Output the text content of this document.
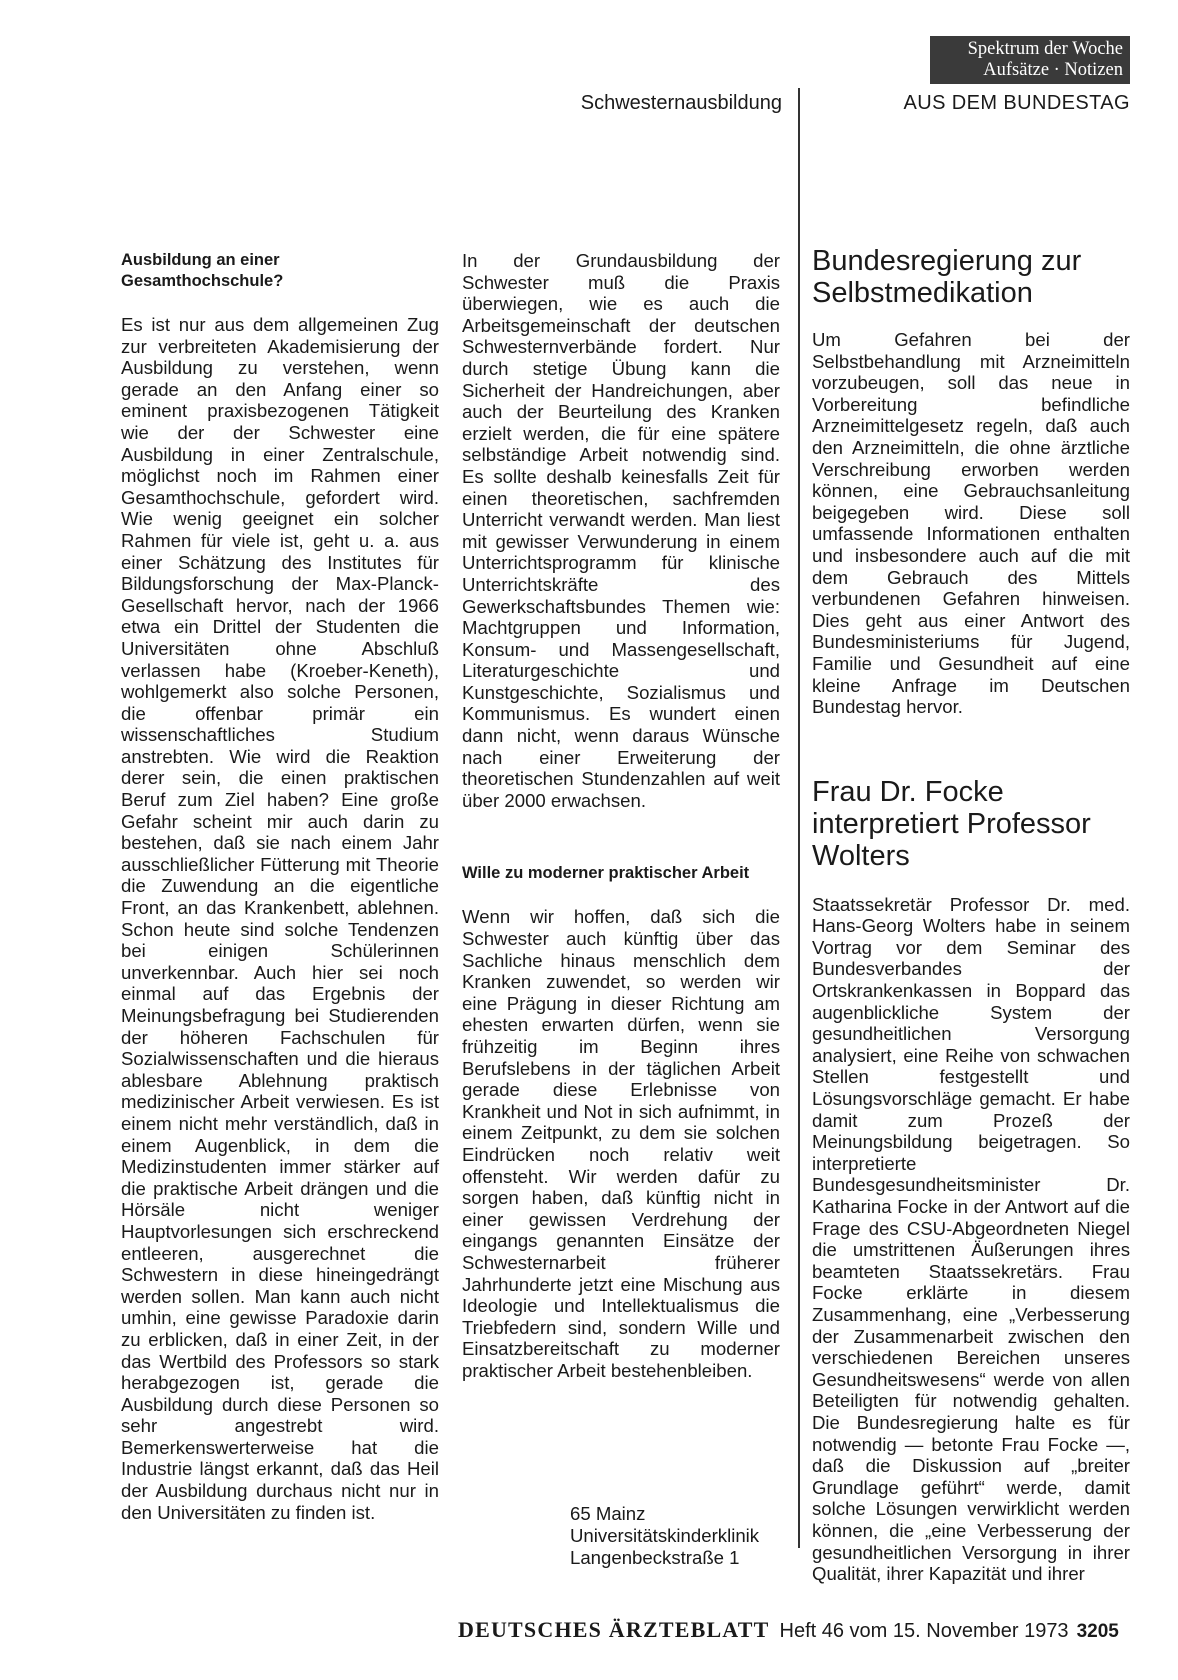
Spektrum der Woche
Aufsätze · Notizen
Schwesternausbildung	AUS DEM BUNDESTAG

Ausbildung an einer Gesamthochschule?

Es ist nur aus dem allgemeinen Zug zur verbreiteten Akademisierung der Ausbildung zu verstehen, wenn gerade an den Anfang einer so eminent praxisbezogenen Tätigkeit wie der der Schwester eine Ausbildung in einer Zentralschule, möglichst noch im Rahmen einer Gesamthochschule, gefordert wird. Wie wenig geeignet ein solcher Rahmen für viele ist, geht u. a. aus einer Schätzung des Institutes für Bildungsforschung der Max-Planck-Gesellschaft hervor, nach der 1966 etwa ein Drittel der Studenten die Universitäten ohne Abschluß verlassen habe (Kroeber-Keneth), wohlgemerkt also solche Personen, die offenbar primär ein wissenschaftliches Studium anstrebten. Wie wird die Reaktion derer sein, die einen praktischen Beruf zum Ziel haben? Eine große Gefahr scheint mir auch darin zu bestehen, daß sie nach einem Jahr ausschließlicher Fütterung mit Theorie die Zuwendung an die eigentliche Front, an das Krankenbett, ablehnen. Schon heute sind solche Tendenzen bei einigen Schülerinnen unverkennbar. Auch hier sei noch einmal auf das Ergebnis der Meinungsbefragung bei Studierenden der höheren Fachschulen für Sozialwissenschaften und die hieraus ablesbare Ablehnung praktisch medizinischer Arbeit verwiesen. Es ist einem nicht mehr verständlich, daß in einem Augenblick, in dem die Medizinstudenten immer stärker auf die praktische Arbeit drängen und die Hörsäle nicht weniger Hauptvorlesungen sich erschreckend entleeren, ausgerechnet die Schwestern in diese hineingedrängt werden sollen. Man kann auch nicht umhin, eine gewisse Paradoxie darin zu erblicken, daß in einer Zeit, in der das Wertbild des Professors so stark herabgezogen ist, gerade die Ausbildung durch diese Personen so sehr angestrebt wird. Bemerkenswerterweise hat die Industrie längst erkannt, daß das Heil der Ausbildung durchaus nicht nur in den Universitäten zu finden ist.

In der Grundausbildung der Schwester muß die Praxis überwiegen, wie es auch die Arbeitsgemeinschaft der deutschen Schwesternverbände fordert. Nur durch stetige Übung kann die Sicherheit der Handreichungen, aber auch der Beurteilung des Kranken erzielt werden, die für eine spätere selbständige Arbeit notwendig sind. Es sollte deshalb keinesfalls Zeit für einen theoretischen, sachfremden Unterricht verwandt werden. Man liest mit gewisser Verwunderung in einem Unterrichtsprogramm für klinische Unterrichtskräfte des Gewerkschaftsbundes Themen wie: Machtgruppen und Information, Konsum- und Massengesellschaft, Literaturgeschichte und Kunstgeschichte, Sozialismus und Kommunismus. Es wundert einen dann nicht, wenn daraus Wünsche nach einer Erweiterung der theoretischen Stundenzahlen auf weit über 2000 erwachsen.

Wille zu moderner praktischer Arbeit

Wenn wir hoffen, daß sich die Schwester auch künftig über das Sachliche hinaus menschlich dem Kranken zuwendet, so werden wir eine Prägung in dieser Richtung am ehesten erwarten dürfen, wenn sie frühzeitig im Beginn ihres Berufslebens in der täglichen Arbeit gerade diese Erlebnisse von Krankheit und Not in sich aufnimmt, in einem Zeitpunkt, zu dem sie solchen Eindrücken noch relativ weit offensteht. Wir werden dafür zu sorgen haben, daß künftig nicht in einer gewissen Verdrehung der eingangs genannten Einsätze der Schwesternarbeit früherer Jahrhunderte jetzt eine Mischung aus Ideologie und Intellektualismus die Triebfedern sind, sondern Wille und Einsatzbereitschaft zu moderner praktischer Arbeit bestehenbleiben.

65 Mainz
Universitätskinderklinik
Langenbeckstraße 1
Bundesregierung zur Selbstmedikation

Um Gefahren bei der Selbstbehandlung mit Arzneimitteln vorzubeugen, soll das neue in Vorbereitung befindliche Arzneimittelgesetz regeln, daß auch den Arzneimitteln, die ohne ärztliche Verschreibung erworben werden können, eine Gebrauchsanleitung beigegeben wird. Diese soll umfassende Informationen enthalten und insbesondere auch auf die mit dem Gebrauch des Mittels verbundenen Gefahren hinweisen. Dies geht aus einer Antwort des Bundesministeriums für Jugend, Familie und Gesundheit auf eine kleine Anfrage im Deutschen Bundestag hervor.

Frau Dr. Focke interpretiert Professor Wolters

Staatssekretär Professor Dr. med. Hans-Georg Wolters habe in seinem Vortrag vor dem Seminar des Bundesverbandes der Ortskrankenkassen in Boppard das augenblickliche System der gesundheitlichen Versorgung analysiert, eine Reihe von schwachen Stellen festgestellt und Lösungsvorschläge gemacht. Er habe damit zum Prozeß der Meinungsbildung beigetragen. So interpretierte Bundesgesundheitsminister Dr. Katharina Focke in der Antwort auf die Frage des CSU-Abgeordneten Niegel die umstrittenen Äußerungen ihres beamteten Staatssekretärs. Frau Focke erklärte in diesem Zusammenhang, eine „Verbesserung der Zusammenarbeit zwischen den verschiedenen Bereichen unseres Gesundheitswesens“ werde von allen Beteiligten für notwendig gehalten. Die Bundesregierung halte es für notwendig — betonte Frau Focke —, daß die Diskussion auf „breiter Grundlage geführt“ werde, damit solche Lösungen verwirklicht werden können, die „eine Verbesserung der gesundheitlichen Versorgung in ihrer Qualität, ihrer Kapazität und ihrer

DEUTSCHES ÄRZTEBLATT Heft 46 vom 15. November 1973 3205
